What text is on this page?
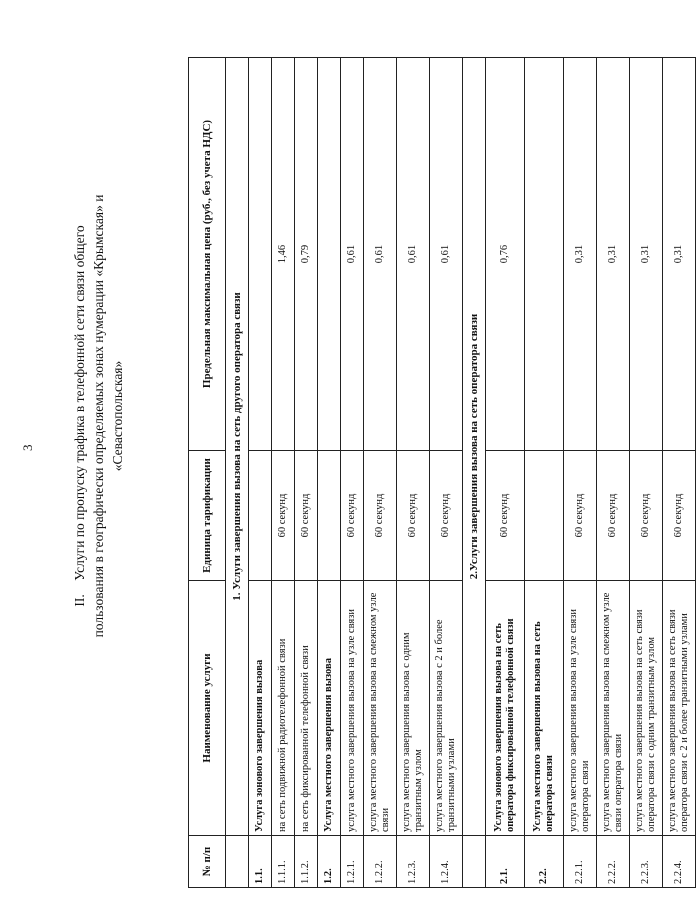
3
II.    Услуги по пропуску трафика в телефонной сети связи общего пользования в географически определяемых зонах нумерации «Крымская» и «Севастопольская»
№ п/п	Наименование услуги	Единица тарификации	Предельная максимальная цена (руб., без учета НДС)
	1. Услуги завершения вызова на сеть другого оператора связи		
1.1.	Услуга зонового завершения вызова		
1.1.1.	на сеть подвижной радиотелефонной связи	60 секунд	1,46
1.1.2.	на сеть фиксированной телефонной связи	60 секунд	0,79
1.2.	Услуга местного завершения вызова		
1.2.1.	услуга местного завершения вызова на узле связи	60 секунд	0,61
1.2.2.	услуга местного завершения вызова на смежном узле связи	60 секунд	0,61
1.2.3.	услуга местного завершения вызова с одним транзитным узлом	60 секунд	0,61
1.2.4.	услуга местного завершения вызова с 2 и более транзитными узлами	60 секунд	0,61
	2.Услуги завершения вызова на сеть оператора связи		
2.1.	Услуга зонового завершения вызова на сеть оператора фиксированной телефонной связи	60 секунд	0,76
2.2.	Услуга местного завершения вызова на сеть оператора связи		
2.2.1.	услуга местного завершения вызова на узле связи оператора связи	60 секунд	0,31
2.2.2.	услуга местного завершения вызова на смежном узле связи оператора связи	60 секунд	0,31
2.2.3.	услуга местного завершения вызова на сеть связи оператора связи с одним транзитным узлом	60 секунд	0,31
2.2.4.	услуга местного завершения вызова на сеть связи оператора связи с 2 и более транзитными узлами	60 секунд	0,31
